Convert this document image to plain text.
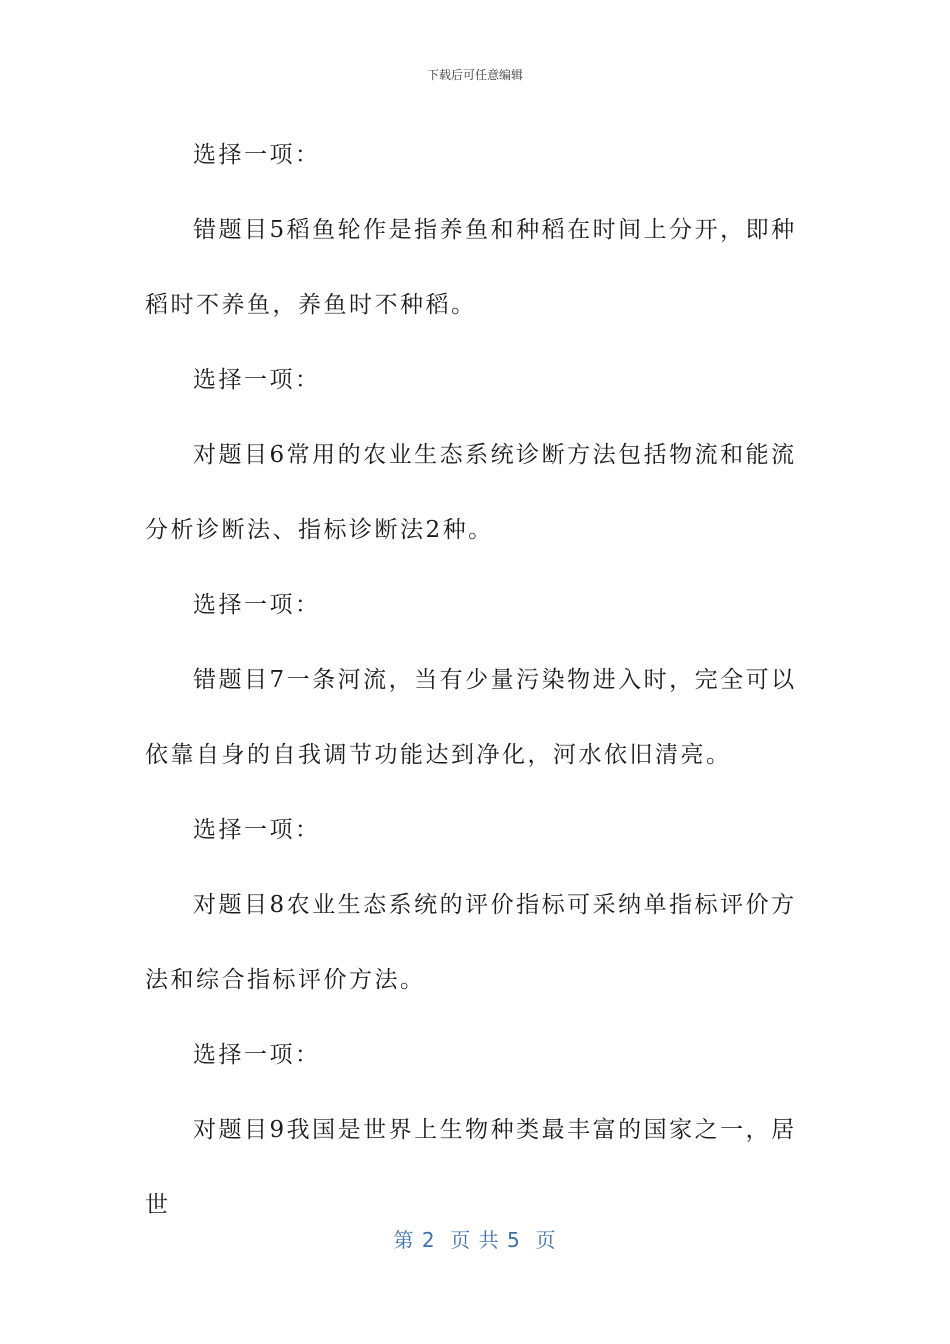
下载后可任意编辑

选择一项：

错题目5稻鱼轮作是指养鱼和种稻在时间上分开，即种稻时不养鱼，养鱼时不种稻。

选择一项：

对题目6常用的农业生态系统诊断方法包括物流和能流分析诊断法、指标诊断法2种。

选择一项：

错题目7一条河流，当有少量污染物进入时，完全可以依靠自身的自我调节功能达到净化，河水依旧清亮。

选择一项：

对题目8农业生态系统的评价指标可采纳单指标评价方法和综合指标评价方法。

选择一项：

对题目9我国是世界上生物种类最丰富的国家之一，居世

第 2  页 共 5  页
